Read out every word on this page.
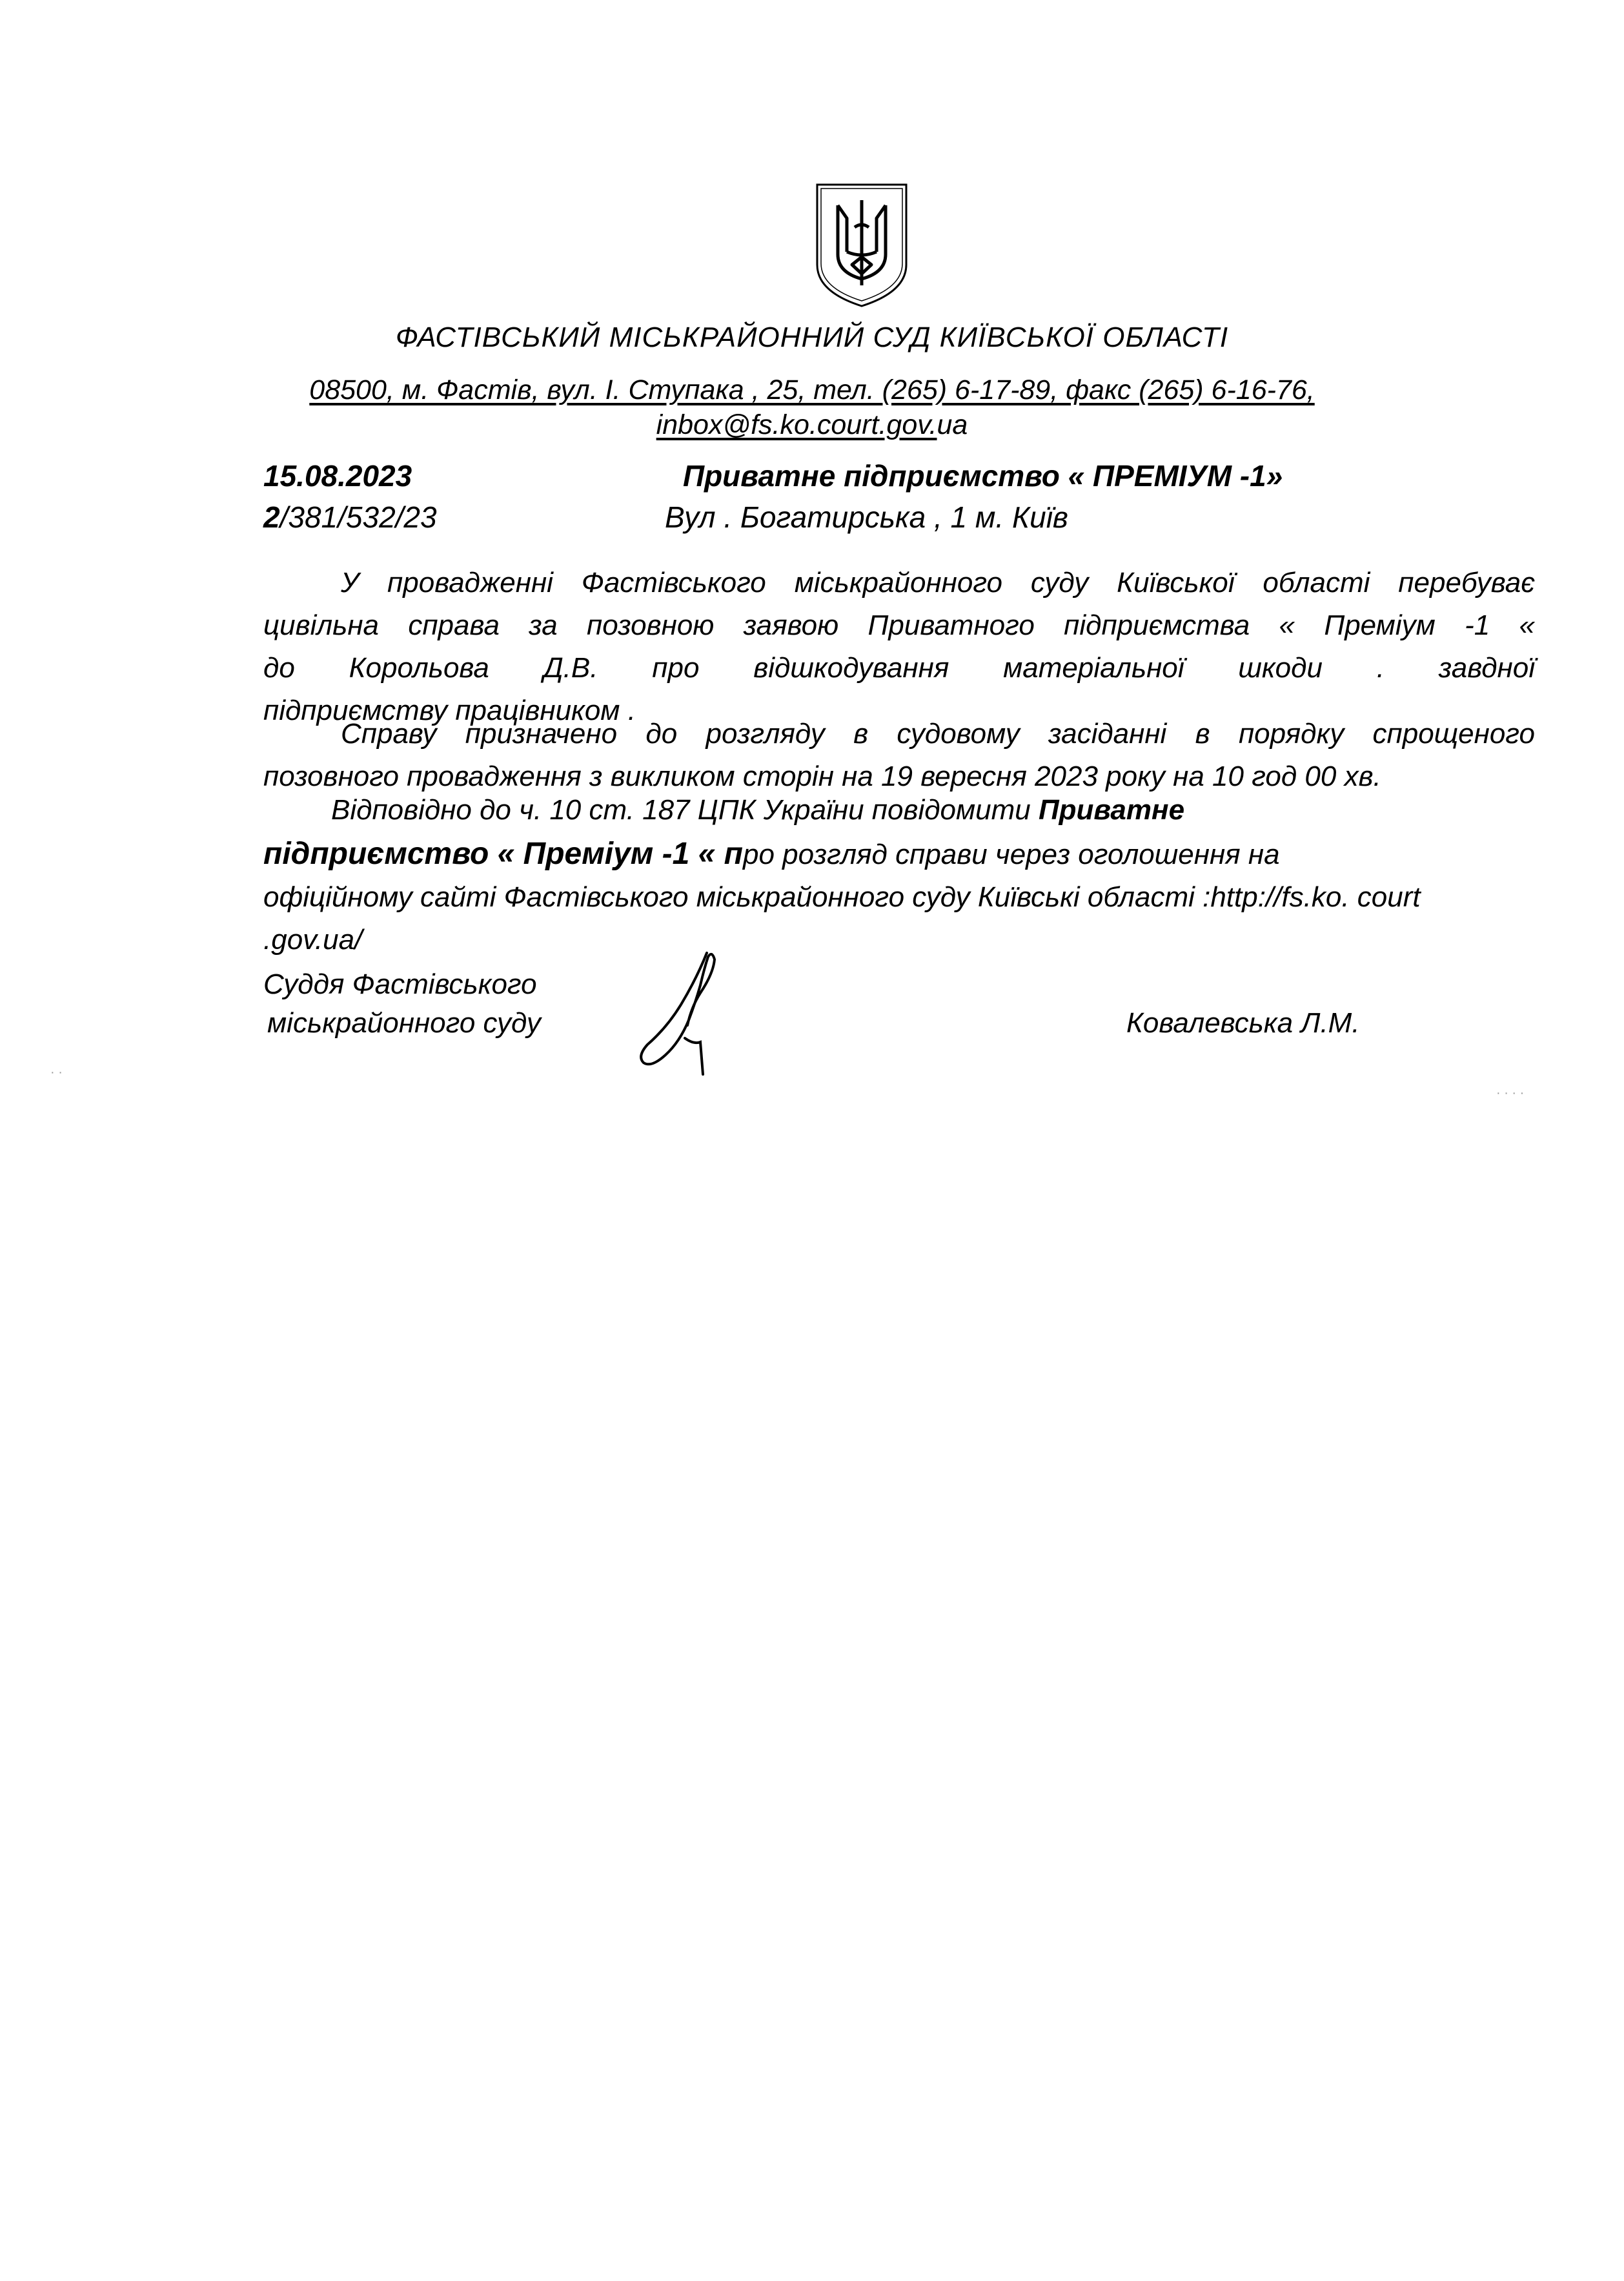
ФАСТІВСЬКИЙ МІСЬКРАЙОННИЙ СУД КИЇВСЬКОЇ ОБЛАСТІ
08500, м. Фастів, вул. І. Ступака , 25, тел. (265) 6-17-89, факс (265) 6-16-76,
inbox@fs.ko.court.gov.ua
15.08.2023
2/381/532/23
Приватне підприємство « ПРЕМІУМ -1»
Вул . Богатирська , 1 м. Київ
У провадженні Фастівського міськрайонного суду Київської області перебуває
цивільна справа за позовною заявою Приватного підприємства « Преміум -1 «
до Корольова Д.В. про відшкодування матеріальної шкоди . завдної
підприємству працівником .
Справу призначено до розгляду в судовому засіданні в порядку спрощеного
позовного провадження з викликом сторін на 19 вересня 2023 року на 10 год 00 хв.
Відповідно до ч. 10 ст. 187 ЦПК України повідомити Приватне
підприємство « Преміум -1 « про розгляд справи через оголошення на
офіційному сайті Фастівського міськрайонного суду Київські області :http://fs.ko. court
.gov.ua/
Суддя Фастівського
міськрайонного суду	Ковалевська Л.М.
· ·
· · · ·
